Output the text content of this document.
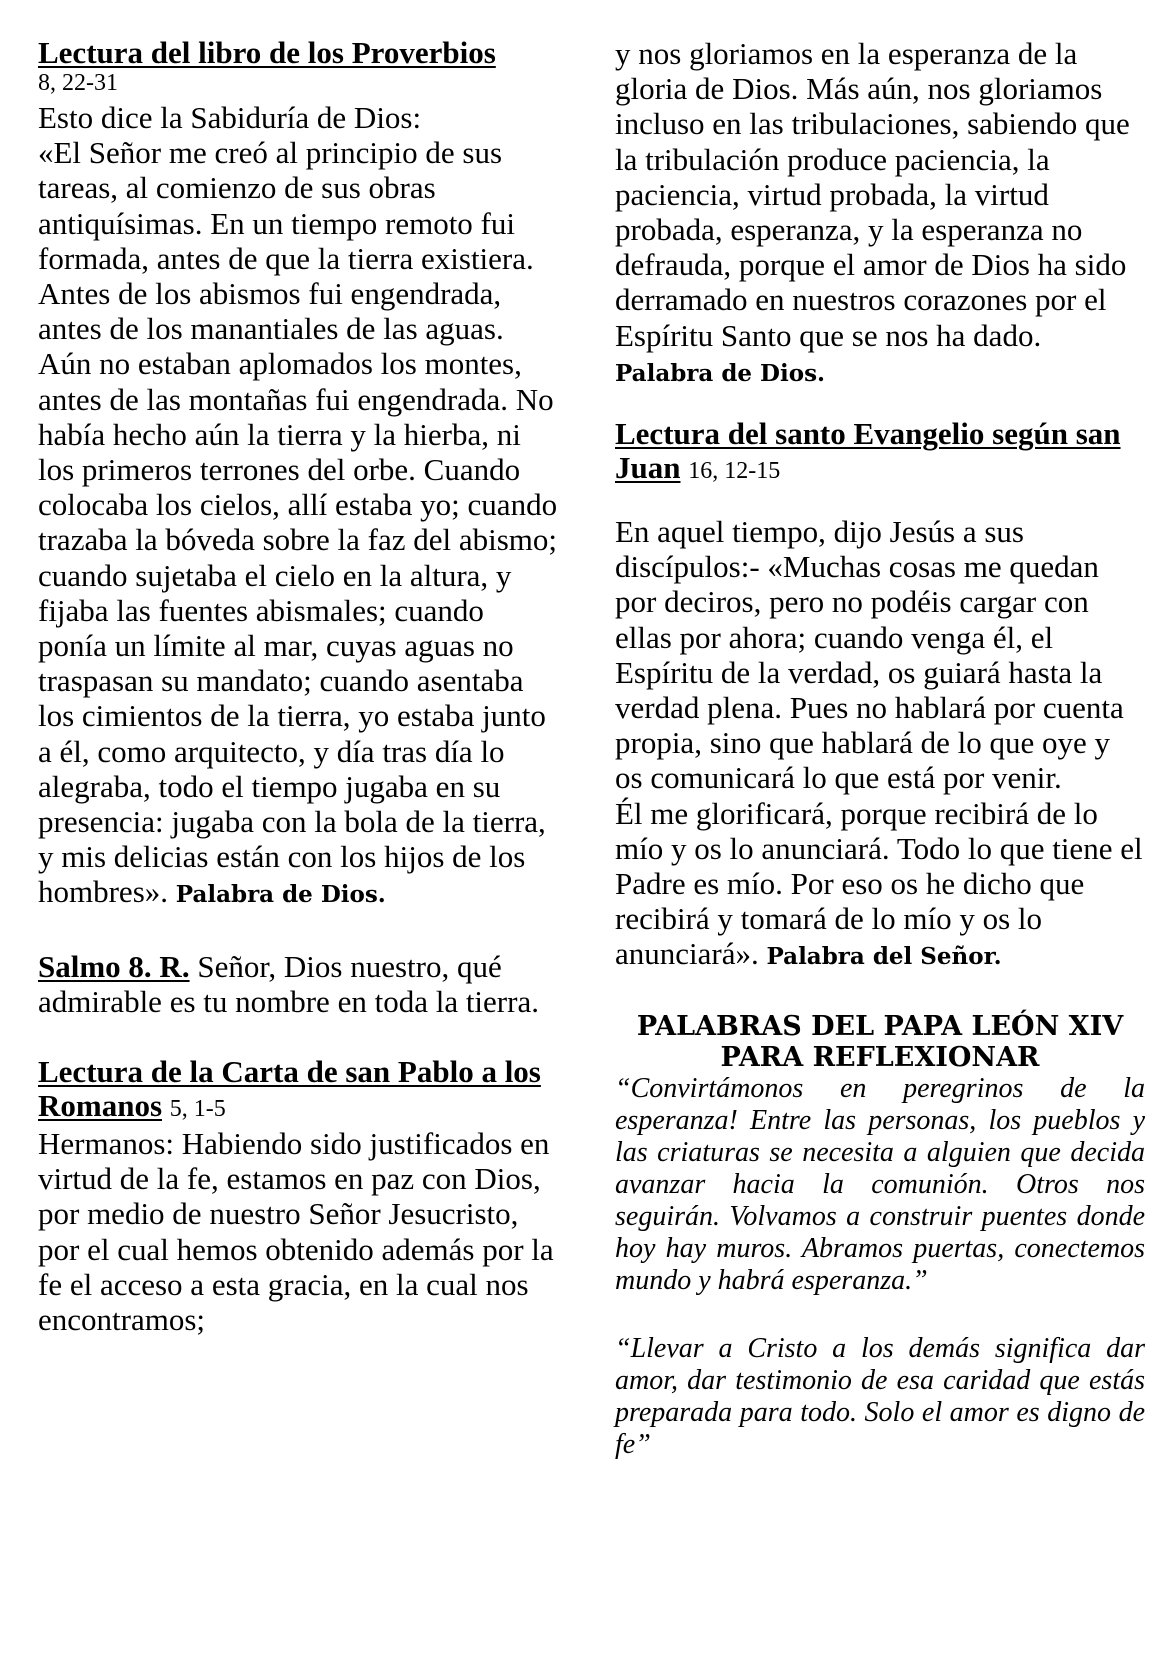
Lectura del libro de los Proverbios
8, 22-31

Esto dice la Sabiduría de Dios:
«El Señor me creó al principio de sus tareas, al comienzo de sus obras antiquísimas. En un tiempo remoto fui formada, antes de que la tierra existiera. Antes de los abismos fui engendrada, antes de los manantiales de las aguas. Aún no estaban aplomados los montes, antes de las montañas fui engendrada. No había hecho aún la tierra y la hierba, ni los primeros terrones del orbe. Cuando colocaba los cielos, allí estaba yo; cuando trazaba la bóveda sobre la faz del abismo; cuando sujetaba el cielo en la altura, y fijaba las fuentes abismales; cuando ponía un límite al mar, cuyas aguas no traspasan su mandato; cuando asentaba los cimientos de la tierra, yo estaba junto a él, como arquitecto, y día tras día lo alegraba, todo el tiempo jugaba en su presencia: jugaba con la bola de la tierra, y mis delicias están con los hijos de los hombres». Palabra de Dios.

Salmo 8. R. Señor, Dios nuestro, qué admirable es tu nombre en toda la tierra.

Lectura de la Carta de san Pablo a los Romanos 5, 1-5

Hermanos: Habiendo sido justificados en virtud de la fe, estamos en paz con Dios, por medio de nuestro Señor Jesucristo, por el cual hemos obtenido además por la fe el acceso a esta gracia, en la cual nos encontramos;

y nos gloriamos en la esperanza de la gloria de Dios. Más aún, nos gloriamos incluso en las tribulaciones, sabiendo que la tribulación produce paciencia, la paciencia, virtud probada, la virtud probada, esperanza, y la esperanza no defrauda, porque el amor de Dios ha sido derramado en nuestros corazones por el Espíritu Santo que se nos ha dado. Palabra de Dios.

Lectura del santo Evangelio según san Juan 16, 12-15

En aquel tiempo, dijo Jesús a sus discípulos:- «Muchas cosas me quedan por deciros, pero no podéis cargar con ellas por ahora; cuando venga él, el Espíritu de la verdad, os guiará hasta la verdad plena. Pues no hablará por cuenta propia, sino que hablará de lo que oye y os comunicará lo que está por venir.
Él me glorificará, porque recibirá de lo mío y os lo anunciará. Todo lo que tiene el Padre es mío. Por eso os he dicho que recibirá y tomará de lo mío y os lo anunciará». Palabra del Señor.

PALABRAS DEL PAPA LEÓN XIV PARA REFLEXIONAR

“Convirtámonos en peregrinos de la esperanza! Entre las personas, los pueblos y las criaturas se necesita a alguien que decida avanzar hacia la comunión. Otros nos seguirán. Volvamos a construir puentes donde hoy hay muros. Abramos puertas, conectemos mundo y habrá esperanza.”

“Llevar a Cristo a los demás significa dar amor, dar testimonio de esa caridad que estás preparada para todo. Solo el amor es digno de fe”
